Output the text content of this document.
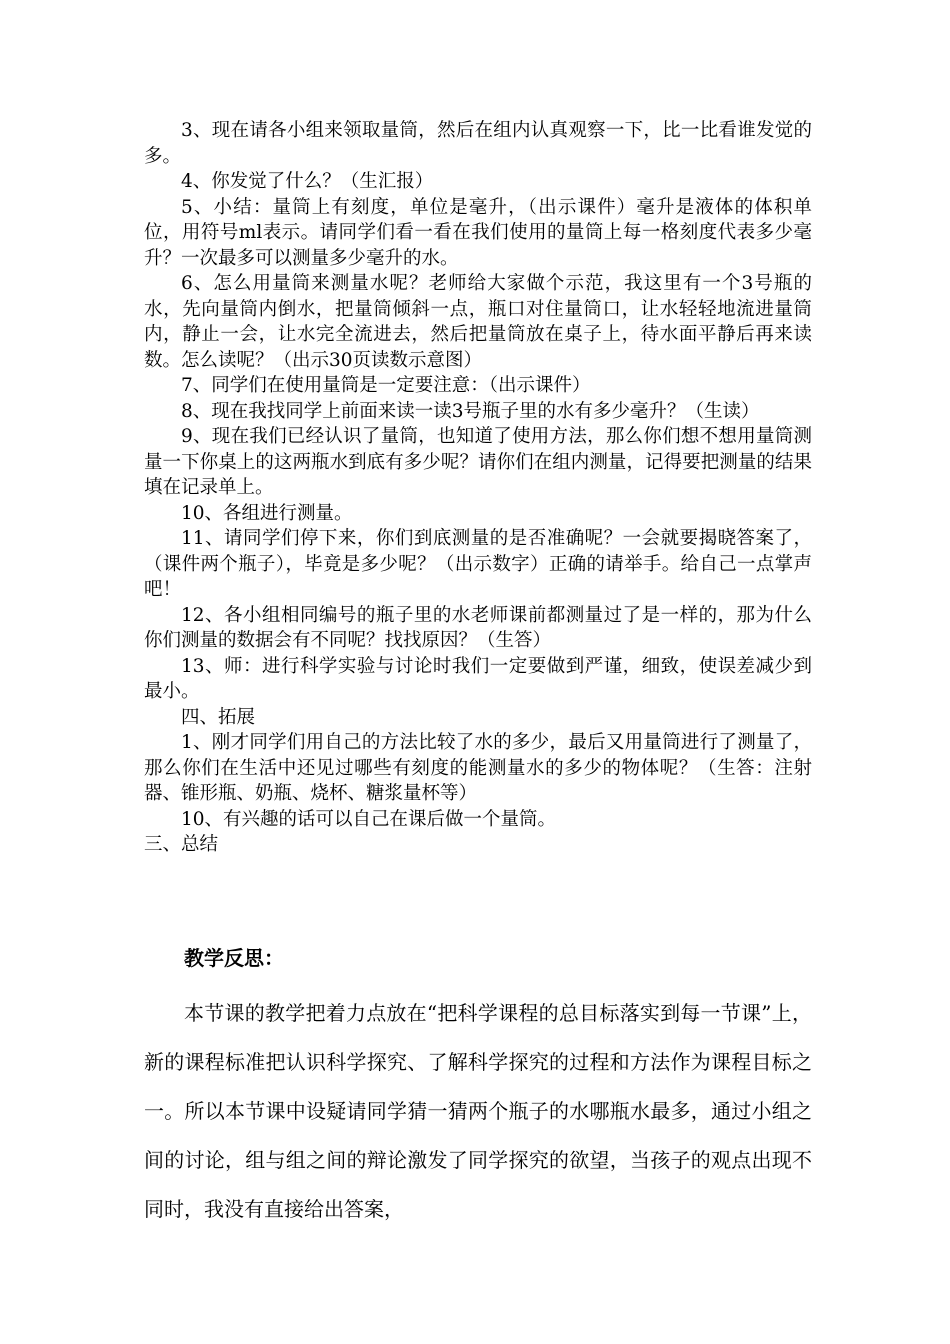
3、现在请各小组来领取量筒，然后在组内认真观察一下，比一比看谁发觉的多。

4、你发觉了什么？（生汇报）

5、小结：量筒上有刻度，单位是毫升，（出示课件）毫升是液体的体积单位，用符号ml表示。请同学们看一看在我们使用的量筒上每一格刻度代表多少毫升？一次最多可以测量多少毫升的水。

6、怎么用量筒来测量水呢？老师给大家做个示范，我这里有一个3号瓶的水，先向量筒内倒水，把量筒倾斜一点，瓶口对住量筒口，让水轻轻地流进量筒内，静止一会，让水完全流进去，然后把量筒放在桌子上，待水面平静后再来读数。怎么读呢？（出示30页读数示意图）

7、同学们在使用量筒是一定要注意：（出示课件）

8、现在我找同学上前面来读一读3号瓶子里的水有多少毫升？（生读）

9、现在我们已经认识了量筒，也知道了使用方法，那么你们想不想用量筒测量一下你桌上的这两瓶水到底有多少呢？请你们在组内测量，记得要把测量的结果填在记录单上。

10、各组进行测量。

11、请同学们停下来，你们到底测量的是否准确呢？一会就要揭晓答案了，（课件两个瓶子），毕竟是多少呢？（出示数字）正确的请举手。给自己一点掌声吧！

12、各小组相同编号的瓶子里的水老师课前都测量过了是一样的，那为什么你们测量的数据会有不同呢？找找原因？（生答）

13、师：进行科学实验与讨论时我们一定要做到严谨，细致，使误差减少到最小。

四、拓展

1、刚才同学们用自己的方法比较了水的多少，最后又用量筒进行了测量了，那么你们在生活中还见过哪些有刻度的能测量水的多少的物体呢？（生答：注射器、锥形瓶、奶瓶、烧杯、糖浆量杯等）

10、有兴趣的话可以自己在课后做一个量筒。

三、总结

教学反思：

本节课的教学把着力点放在“把科学课程的总目标落实到每一节课”上，新的课程标准把认识科学探究、了解科学探究的过程和方法作为课程目标之一。所以本节课中设疑请同学猜一猜两个瓶子的水哪瓶水最多，通过小组之间的讨论，组与组之间的辩论激发了同学探究的欲望，当孩子的观点出现不同时，我没有直接给出答案，
